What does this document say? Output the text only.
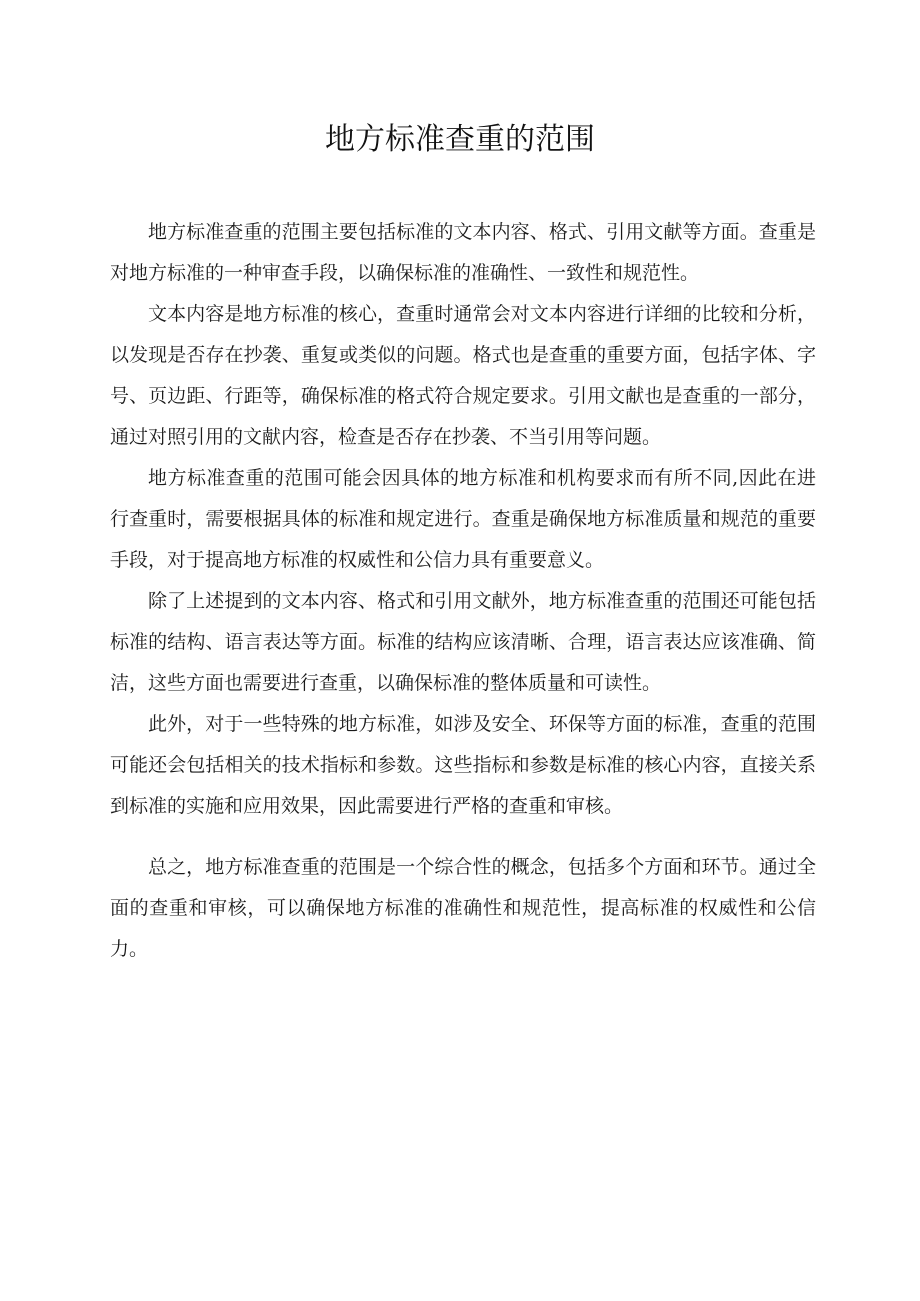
地方标准查重的范围

地方标准查重的范围主要包括标准的文本内容、格式、引用文献等方面。查重是对地方标准的一种审查手段，以确保标准的准确性、一致性和规范性。

文本内容是地方标准的核心，查重时通常会对文本内容进行详细的比较和分析，以发现是否存在抄袭、重复或类似的问题。格式也是查重的重要方面，包括字体、字号、页边距、行距等，确保标准的格式符合规定要求。引用文献也是查重的一部分，通过对照引用的文献内容，检查是否存在抄袭、不当引用等问题。

地方标准查重的范围可能会因具体的地方标准和机构要求而有所不同,因此在进行查重时，需要根据具体的标准和规定进行。查重是确保地方标准质量和规范的重要手段，对于提高地方标准的权威性和公信力具有重要意义。

除了上述提到的文本内容、格式和引用文献外，地方标准查重的范围还可能包括标准的结构、语言表达等方面。标准的结构应该清晰、合理，语言表达应该准确、简洁，这些方面也需要进行查重，以确保标准的整体质量和可读性。

此外，对于一些特殊的地方标准，如涉及安全、环保等方面的标准，查重的范围可能还会包括相关的技术指标和参数。这些指标和参数是标准的核心内容，直接关系到标准的实施和应用效果，因此需要进行严格的查重和审核。

总之，地方标准查重的范围是一个综合性的概念，包括多个方面和环节。通过全面的查重和审核，可以确保地方标准的准确性和规范性，提高标准的权威性和公信力。
